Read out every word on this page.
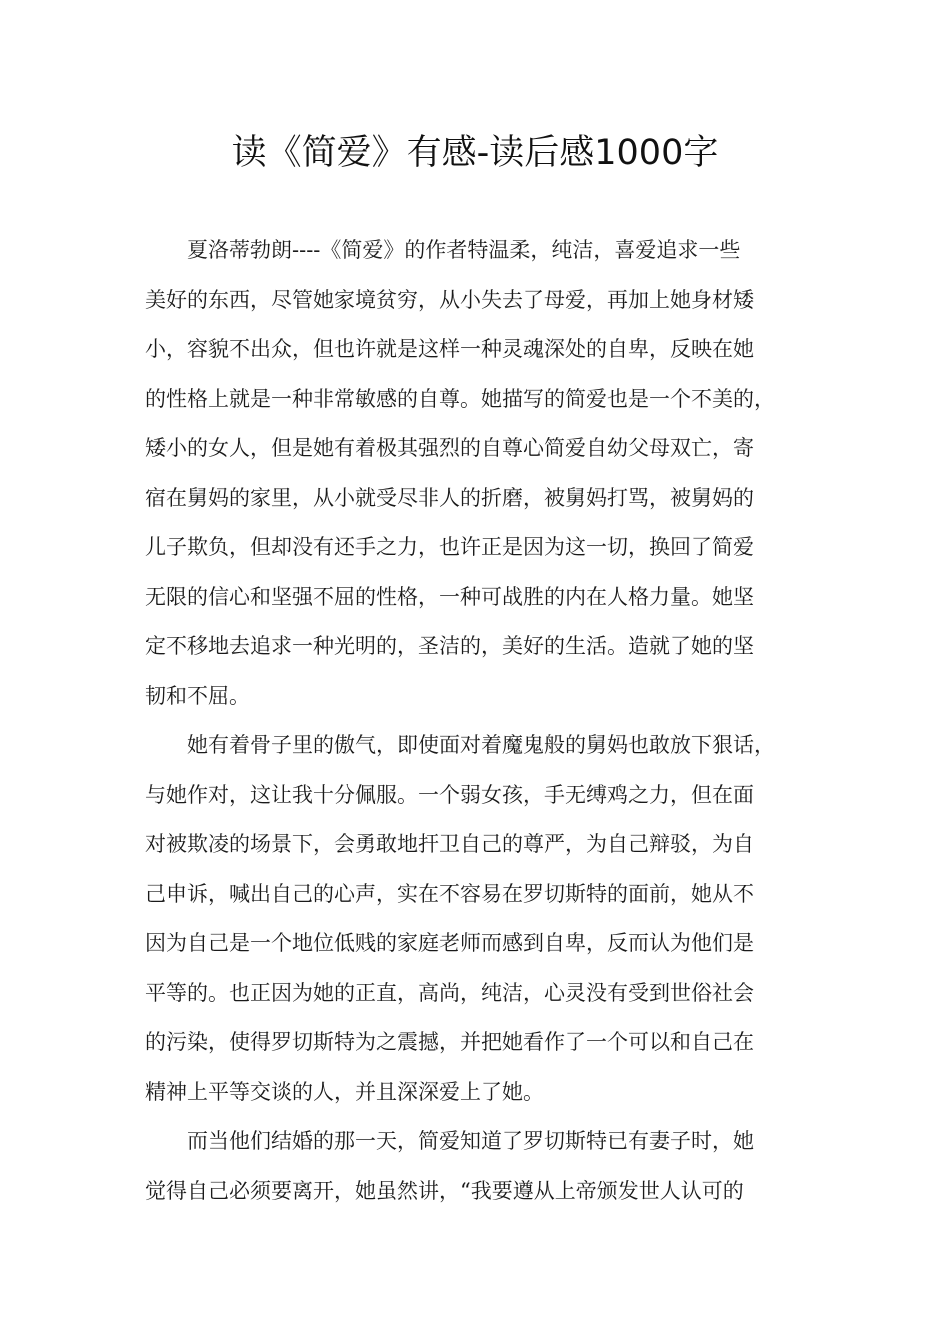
读《简爱》有感-读后感1000字
夏洛蒂勃朗----《简爱》的作者特温柔，纯洁，喜爱追求一些
美好的东西，尽管她家境贫穷，从小失去了母爱，再加上她身材矮
小，容貌不出众，但也许就是这样一种灵魂深处的自卑，反映在她
的性格上就是一种非常敏感的自尊。她描写的简爱也是一个不美的，
矮小的女人，但是她有着极其强烈的自尊心简爱自幼父母双亡，寄
宿在舅妈的家里，从小就受尽非人的折磨，被舅妈打骂，被舅妈的
儿子欺负，但却没有还手之力，也许正是因为这一切，换回了简爱
无限的信心和坚强不屈的性格，一种可战胜的内在人格力量。她坚
定不移地去追求一种光明的，圣洁的，美好的生活。造就了她的坚
韧和不屈。
她有着骨子里的傲气，即使面对着魔鬼般的舅妈也敢放下狠话，
与她作对，这让我十分佩服。一个弱女孩，手无缚鸡之力，但在面
对被欺凌的场景下，会勇敢地扞卫自己的尊严，为自己辩驳，为自
己申诉，喊出自己的心声，实在不容易在罗切斯特的面前，她从不
因为自己是一个地位低贱的家庭老师而感到自卑，反而认为他们是
平等的。也正因为她的正直，高尚，纯洁，心灵没有受到世俗社会
的污染，使得罗切斯特为之震撼，并把她看作了一个可以和自己在
精神上平等交谈的人，并且深深爱上了她。
而当他们结婚的那一天，简爱知道了罗切斯特已有妻子时，她
觉得自己必须要离开，她虽然讲，“我要遵从上帝颁发世人认可的
